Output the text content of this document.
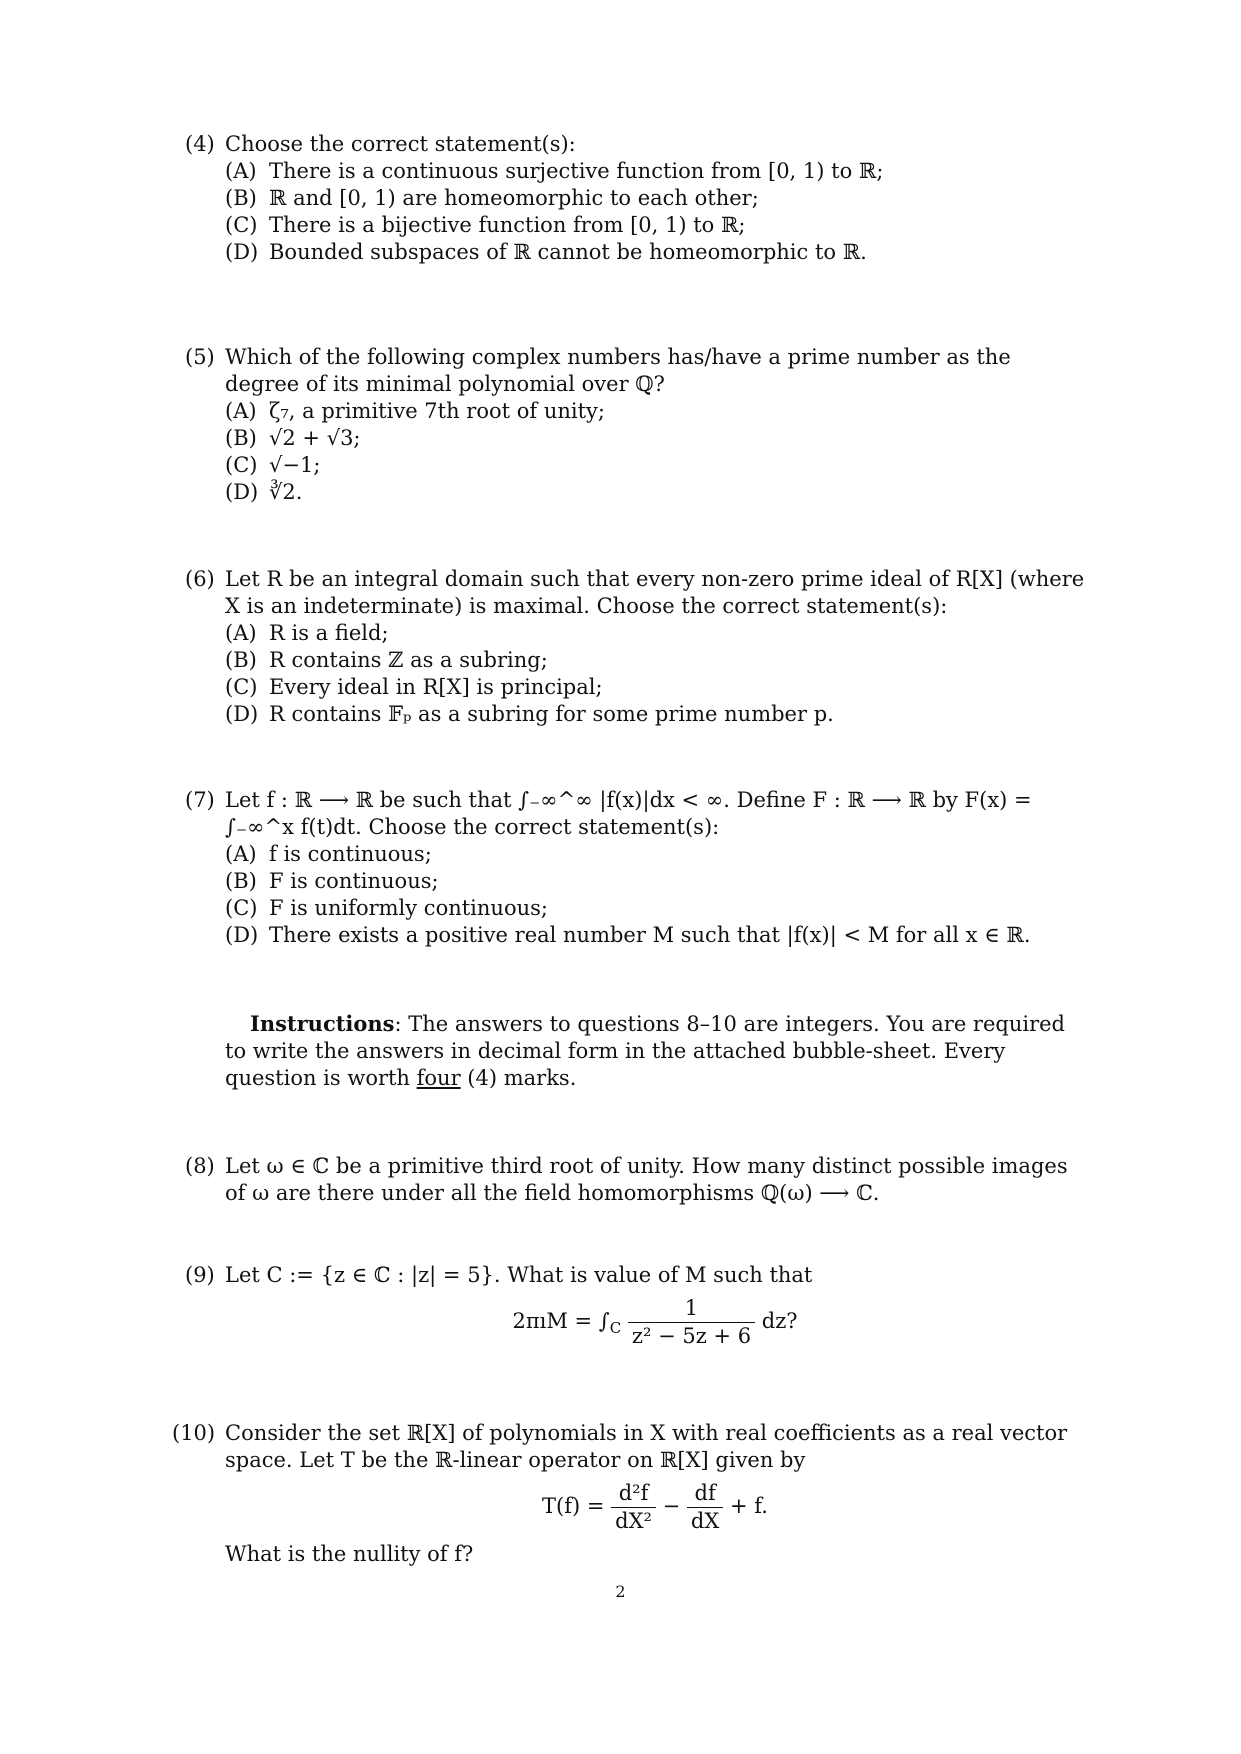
(4) Choose the correct statement(s):
(A) There is a continuous surjective function from [0, 1) to ℝ;
(B) ℝ and [0, 1) are homeomorphic to each other;
(C) There is a bijective function from [0, 1) to ℝ;
(D) Bounded subspaces of ℝ cannot be homeomorphic to ℝ.
(5) Which of the following complex numbers has/have a prime number as the degree of its minimal polynomial over ℚ?
(A) ζ₇, a primitive 7th root of unity;
(B) √2 + √3;
(C) √−1;
(D) ∛2.
(6) Let R be an integral domain such that every non-zero prime ideal of R[X] (where X is an indeterminate) is maximal. Choose the correct statement(s):
(A) R is a field;
(B) R contains ℤ as a subring;
(C) Every ideal in R[X] is principal;
(D) R contains 𝔽ₚ as a subring for some prime number p.
(7) Let f : ℝ ⟶ ℝ be such that ∫₋∞^∞ |f(x)|dx < ∞. Define F : ℝ ⟶ ℝ by F(x) = ∫₋∞^x f(t)dt. Choose the correct statement(s):
(A) f is continuous;
(B) F is continuous;
(C) F is uniformly continuous;
(D) There exists a positive real number M such that |f(x)| < M for all x ∈ ℝ.
Instructions: The answers to questions 8–10 are integers. You are required to write the answers in decimal form in the attached bubble-sheet. Every question is worth four (4) marks.
(8) Let ω ∈ ℂ be a primitive third root of unity. How many distinct possible images of ω are there under all the field homomorphisms ℚ(ω) ⟶ ℂ.
(9) Let C := {z ∈ ℂ : |z| = 5}. What is value of M such that
2πıM = $\int_C \frac{1}{\text{z² − 5z + 6}}$ dz?
(10) Consider the set ℝ[X] of polynomials in X with real coefficients as a real vector space. Let T be the ℝ-linear operator on ℝ[X] given by
$T(f) = \frac{\text{d²f}}{\text{dX²}} - \frac{df}{dX} + f$.
What is the nullity of f?
2
